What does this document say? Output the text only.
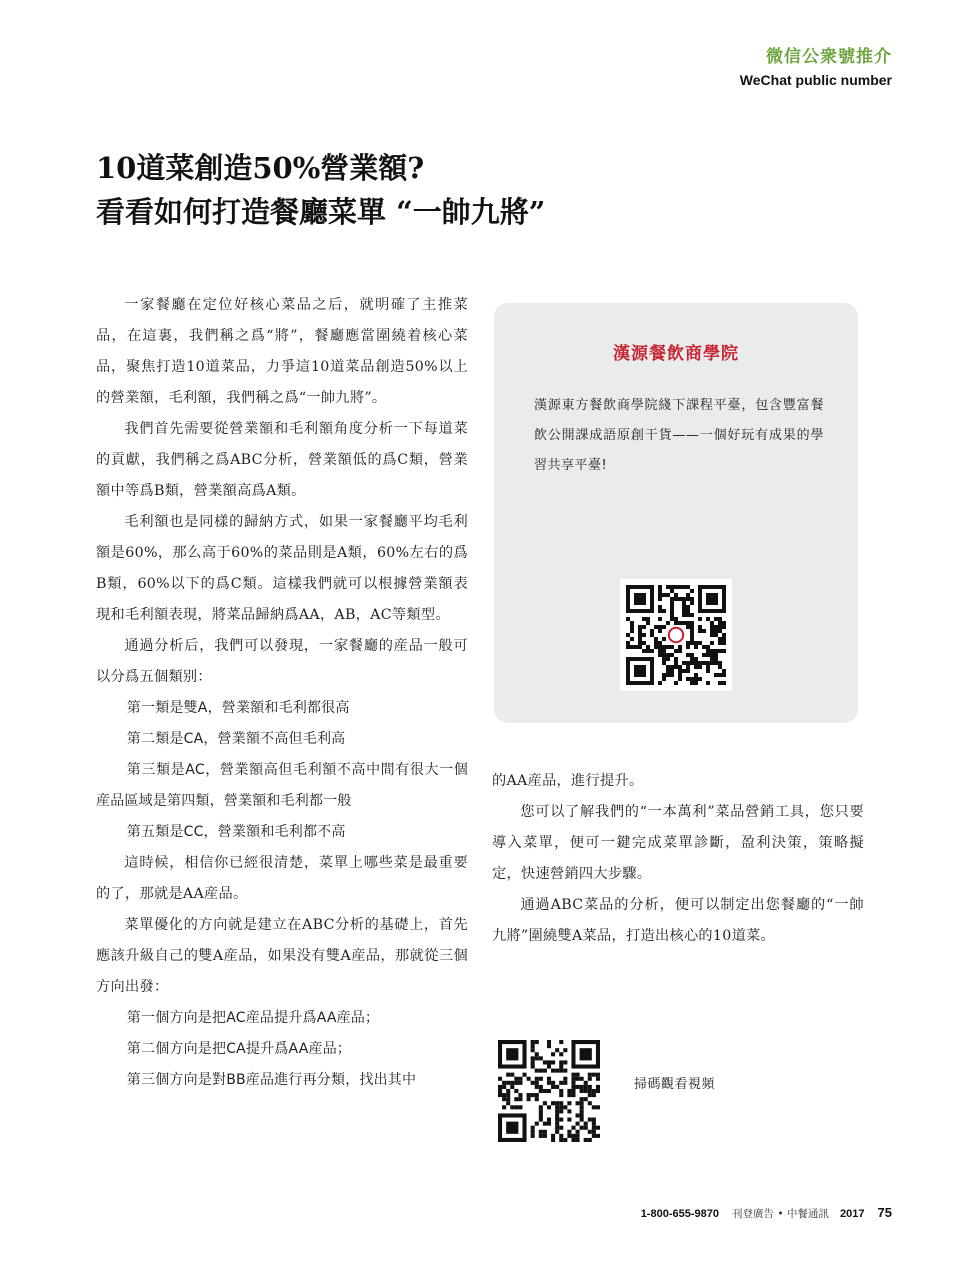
微信公衆號推介
WeChat public number
10道菜創造50%營業額?
看看如何打造餐廳菜單 “一帥九將”
一家餐廳在定位好核心菜品之后，就明確了主推菜品，在這裏，我們稱之爲“將”，餐廳應當圍繞着核心菜品，聚焦打造10道菜品，力爭這10道菜品創造50%以上的營業額，毛利額，我們稱之爲“一帥九將”。
我們首先需要從營業額和毛利額角度分析一下每道菜的貢獻，我們稱之爲ABC分析，營業額低的爲C類，營業額中等爲B類，營業額高爲A類。
毛利額也是同樣的歸納方式，如果一家餐廳平均毛利額是60%，那么高于60%的菜品則是A類，60%左右的爲B類，60%以下的爲C類。這樣我們就可以根據營業額表現和毛利額表現，將菜品歸納爲AA，AB，AC等類型。
通過分析后，我們可以發現，一家餐廳的産品一般可以分爲五個類别：
第一類是雙A，營業額和毛利都很高
第二類是CA，營業額不高但毛利高
第三類是AC，營業額高但毛利額不高中間有很大一個産品區域是第四類，營業額和毛利都一般
第五類是CC，營業額和毛利都不高
這時候，相信你已經很清楚，菜單上哪些菜是最重要的了，那就是AA産品。
菜單優化的方向就是建立在ABC分析的基礎上，首先應該升級自己的雙A産品，如果没有雙A産品，那就從三個方向出發：
第一個方向是把AC産品提升爲AA産品；
第二個方向是把CA提升爲AA産品；
第三個方向是對BB産品進行再分類，找出其中
漢源餐飲商學院
漢源東方餐飲商學院綫下課程平臺，包含豐富餐飲公開課成語原創干貨——一個好玩有成果的學習共享平臺!
的AA産品，進行提升。
您可以了解我們的“一本萬利”菜品營銷工具，您只要導入菜單，便可一鍵完成菜單診斷，盈利決策，策略擬定，快速營銷四大步驟。
通過ABC菜品的分析，便可以制定出您餐廳的“一帥九將”圍繞雙A菜品，打造出核心的10道菜。
掃碼觀看視頻
1-800-655-9870 刊登廣告 • 中餐通訊 2017 75
